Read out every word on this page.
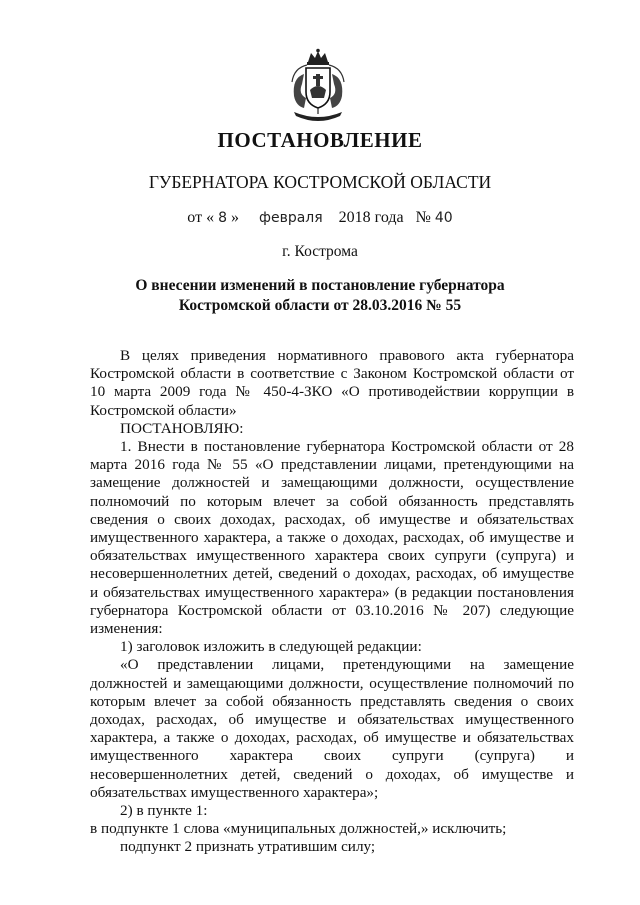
ПОСТАНОВЛЕНИЕ
ГУБЕРНАТОРА КОСТРОМСКОЙ ОБЛАСТИ
от « 8 » февраля 2018 года № 40
г. Кострома
О внесении изменений в постановление губернатора
Костромской области от 28.03.2016 № 55

В целях приведения нормативного правового акта губернатора Костромской области в соответствие с Законом Костромской области от 10 марта 2009 года № 450-4-ЗКО «О противодействии коррупции в Костромской области»

ПОСТАНОВЛЯЮ:

1. Внести в постановление губернатора Костромской области от 28 марта 2016 года № 55 «О представлении лицами, претендующими на замещение должностей и замещающими должности, осуществление полномочий по которым влечет за собой обязанность представлять сведения о своих доходах, расходах, об имуществе и обязательствах имущественного характера, а также о доходах, расходах, об имуществе и обязательствах имущественного характера своих супруги (супруга) и несовершеннолетних детей, сведений о доходах, расходах, об имуществе и обязательствах имущественного характера» (в редакции постановления губернатора Костромской области от 03.10.2016 № 207) следующие изменения:

1) заголовок изложить в следующей редакции:

«О представлении лицами, претендующими на замещение должностей и замещающими должности, осуществление полномочий по которым влечет за собой обязанность представлять сведения о своих доходах, расходах, об имуществе и обязательствах имущественного характера, а также о доходах, расходах, об имуществе и обязательствах имущественного характера своих супруги (супруга) и несовершеннолетних детей, сведений о доходах, об имуществе и обязательствах имущественного характера»;

2) в пункте 1:

в подпункте 1 слова «муниципальных должностей,» исключить;

подпункт 2 признать утратившим силу;
